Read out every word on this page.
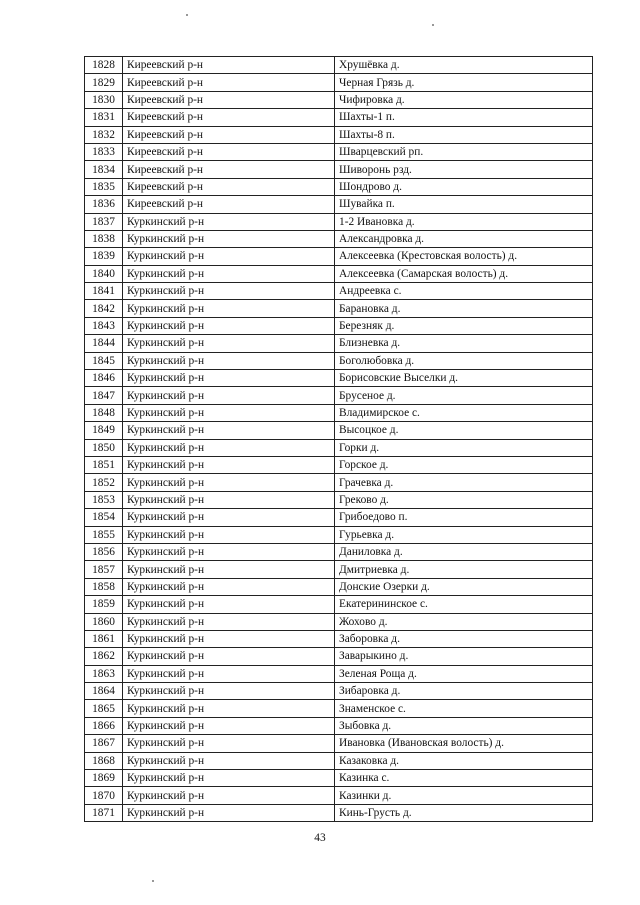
1828	Киреевский р-н	Хрушёвка д.
1829	Киреевский р-н	Черная Грязь д.
1830	Киреевский р-н	Чифировка д.
1831	Киреевский р-н	Шахты-1 п.
1832	Киреевский р-н	Шахты-8 п.
1833	Киреевский р-н	Шварцевский рп.
1834	Киреевский р-н	Шиворонь рзд.
1835	Киреевский р-н	Шондрово д.
1836	Киреевский р-н	Шувайка п.
1837	Куркинский р-н	1-2 Ивановка д.
1838	Куркинский р-н	Александровка д.
1839	Куркинский р-н	Алексеевка (Крестовская волость) д.
1840	Куркинский р-н	Алексеевка (Самарская волость) д.
1841	Куркинский р-н	Андреевка с.
1842	Куркинский р-н	Барановка д.
1843	Куркинский р-н	Березняк д.
1844	Куркинский р-н	Близневка д.
1845	Куркинский р-н	Боголюбовка д.
1846	Куркинский р-н	Борисовские Выселки д.
1847	Куркинский р-н	Брусеное д.
1848	Куркинский р-н	Владимирское с.
1849	Куркинский р-н	Высоцкое д.
1850	Куркинский р-н	Горки д.
1851	Куркинский р-н	Горское д.
1852	Куркинский р-н	Грачевка д.
1853	Куркинский р-н	Греково д.
1854	Куркинский р-н	Грибоедово п.
1855	Куркинский р-н	Гурьевка д.
1856	Куркинский р-н	Даниловка д.
1857	Куркинский р-н	Дмитриевка д.
1858	Куркинский р-н	Донские Озерки д.
1859	Куркинский р-н	Екатерининское с.
1860	Куркинский р-н	Жохово д.
1861	Куркинский р-н	Заборовка д.
1862	Куркинский р-н	Заварыкино д.
1863	Куркинский р-н	Зеленая Роща д.
1864	Куркинский р-н	Зибаровка д.
1865	Куркинский р-н	Знаменское с.
1866	Куркинский р-н	Зыбовка д.
1867	Куркинский р-н	Ивановка (Ивановская волость) д.
1868	Куркинский р-н	Казаковка д.
1869	Куркинский р-н	Казинка с.
1870	Куркинский р-н	Казинки д.
1871	Куркинский р-н	Кинь-Грусть д.
43
